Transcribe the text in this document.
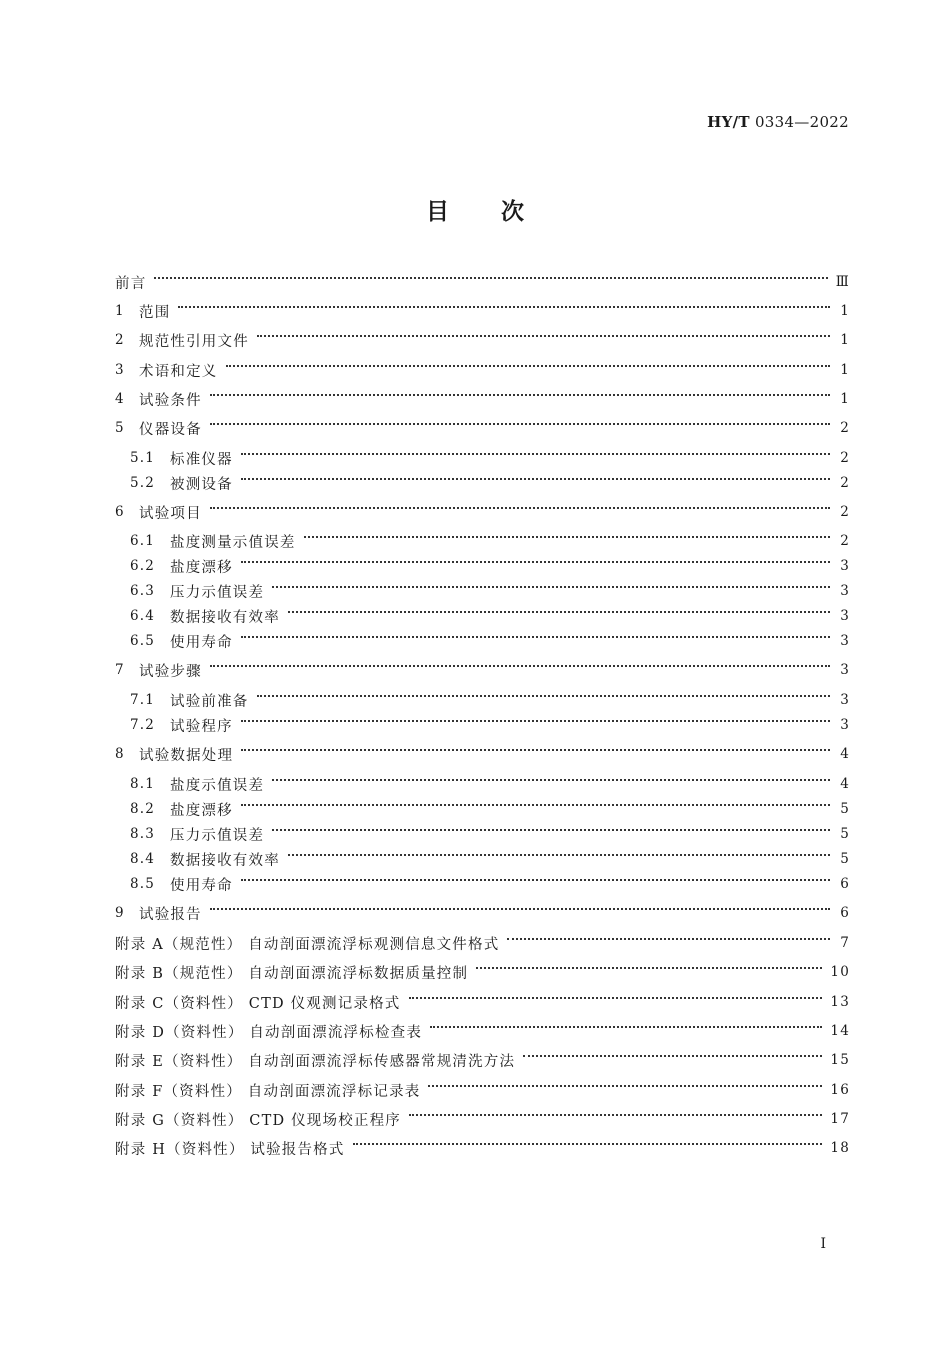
HY/T 0334—2022
目次
前言	Ⅲ
1 范围	1
2 规范性引用文件	1
3 术语和定义	1
4 试验条件	1
5 仪器设备	2
5.1	标准仪器	2
5.2	被测设备	2
6 试验项目	2
6.1	盐度测量示值误差	2
6.2	盐度漂移	3
6.3	压力示值误差	3
6.4	数据接收有效率	3
6.5	使用寿命	3
7 试验步骤	3
7.1	试验前准备	3
7.2	试验程序	3
8 试验数据处理	4
8.1	盐度示值误差	4
8.2	盐度漂移	5
8.3	压力示值误差	5
8.4	数据接收有效率	5
8.5	使用寿命	6
9 试验报告	6
附录 A（规范性） 自动剖面漂流浮标观测信息文件格式	7
附录 B（规范性） 自动剖面漂流浮标数据质量控制	10
附录 C（资料性） CTD 仪观测记录格式	13
附录 D（资料性） 自动剖面漂流浮标检查表	14
附录 E（资料性） 自动剖面漂流浮标传感器常规清洗方法	15
附录 F（资料性） 自动剖面漂流浮标记录表	16
附录 G（资料性） CTD 仪现场校正程序	17
附录 H（资料性） 试验报告格式	18
I
